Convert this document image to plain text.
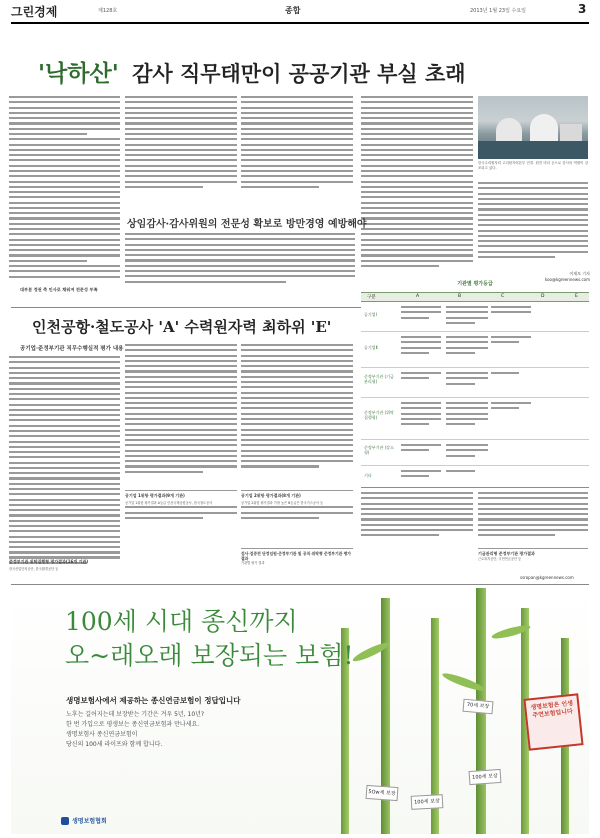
그린경제	제128호	종합	2013년 1월 23일 수요일	3
'낙하산' 감사 직무태만이 공공기관 부실 초래
대부분 정권 측 인사로 채워져 전문성 부족
한국수력원자력 고리원자력본부 전경. 원전 비리 등으로 감사의 역할이 강조되고 있다.
상임감사·감사위원의 전문성 확보로 방만경영 예방해야
이재모 기자
koo@kgreennews.com
인천공항·철도공사 'A' 수력원자력 최하위 'E'
공기업·준정부기관 직무수행실적 평가 내용
공기업 1위항 평가결과(9개 기관)
공기업 1위항 평가결과 A등급 인천국제공항공사, 한국철도공사
공기업 2위항 평가결과(8개 기관)
공기업 2위항 평가결과 가장 높은 B등급은 한국가스공사 등
준정부기관 위탁집행형 평가결과(16개 기관)
한국산업단지공단, 한국환경공단 등
검사·검증전 단정임원·준정부기관 및 공직·위탁형 준정부기관 평가결과
기관별 평가 결과
기금관리형 준정부기관 평가결과
근로복지공단, 국민연금공단 등
기관별 평가등급
구분	A	B	C	D	E
공기업Ⅰ
공기업Ⅱ
준정부기관 (기금관리형)
준정부기관 (위탁집행형)
준정부기관 (강소형)
기타
ssropan@kgreennews.com
생명보험은 인생 주연보험입니다
5Ow세 보장
100세 보장
70세 보장
100세 보장
100세 시대 종신까지
오~래오래 보장되는 보험!
생명보험사에서 제공하는 종신연금보험이 정답입니다
노후는 길어지는데 보장받는 기간은 겨우 5년, 10년?
한 번 가입으로 평생보는 종신연금보험과 만나세요.
생명보험사 종신연금보험이
당신의 100세 라이프와 함께 합니다.
생명보험협회
